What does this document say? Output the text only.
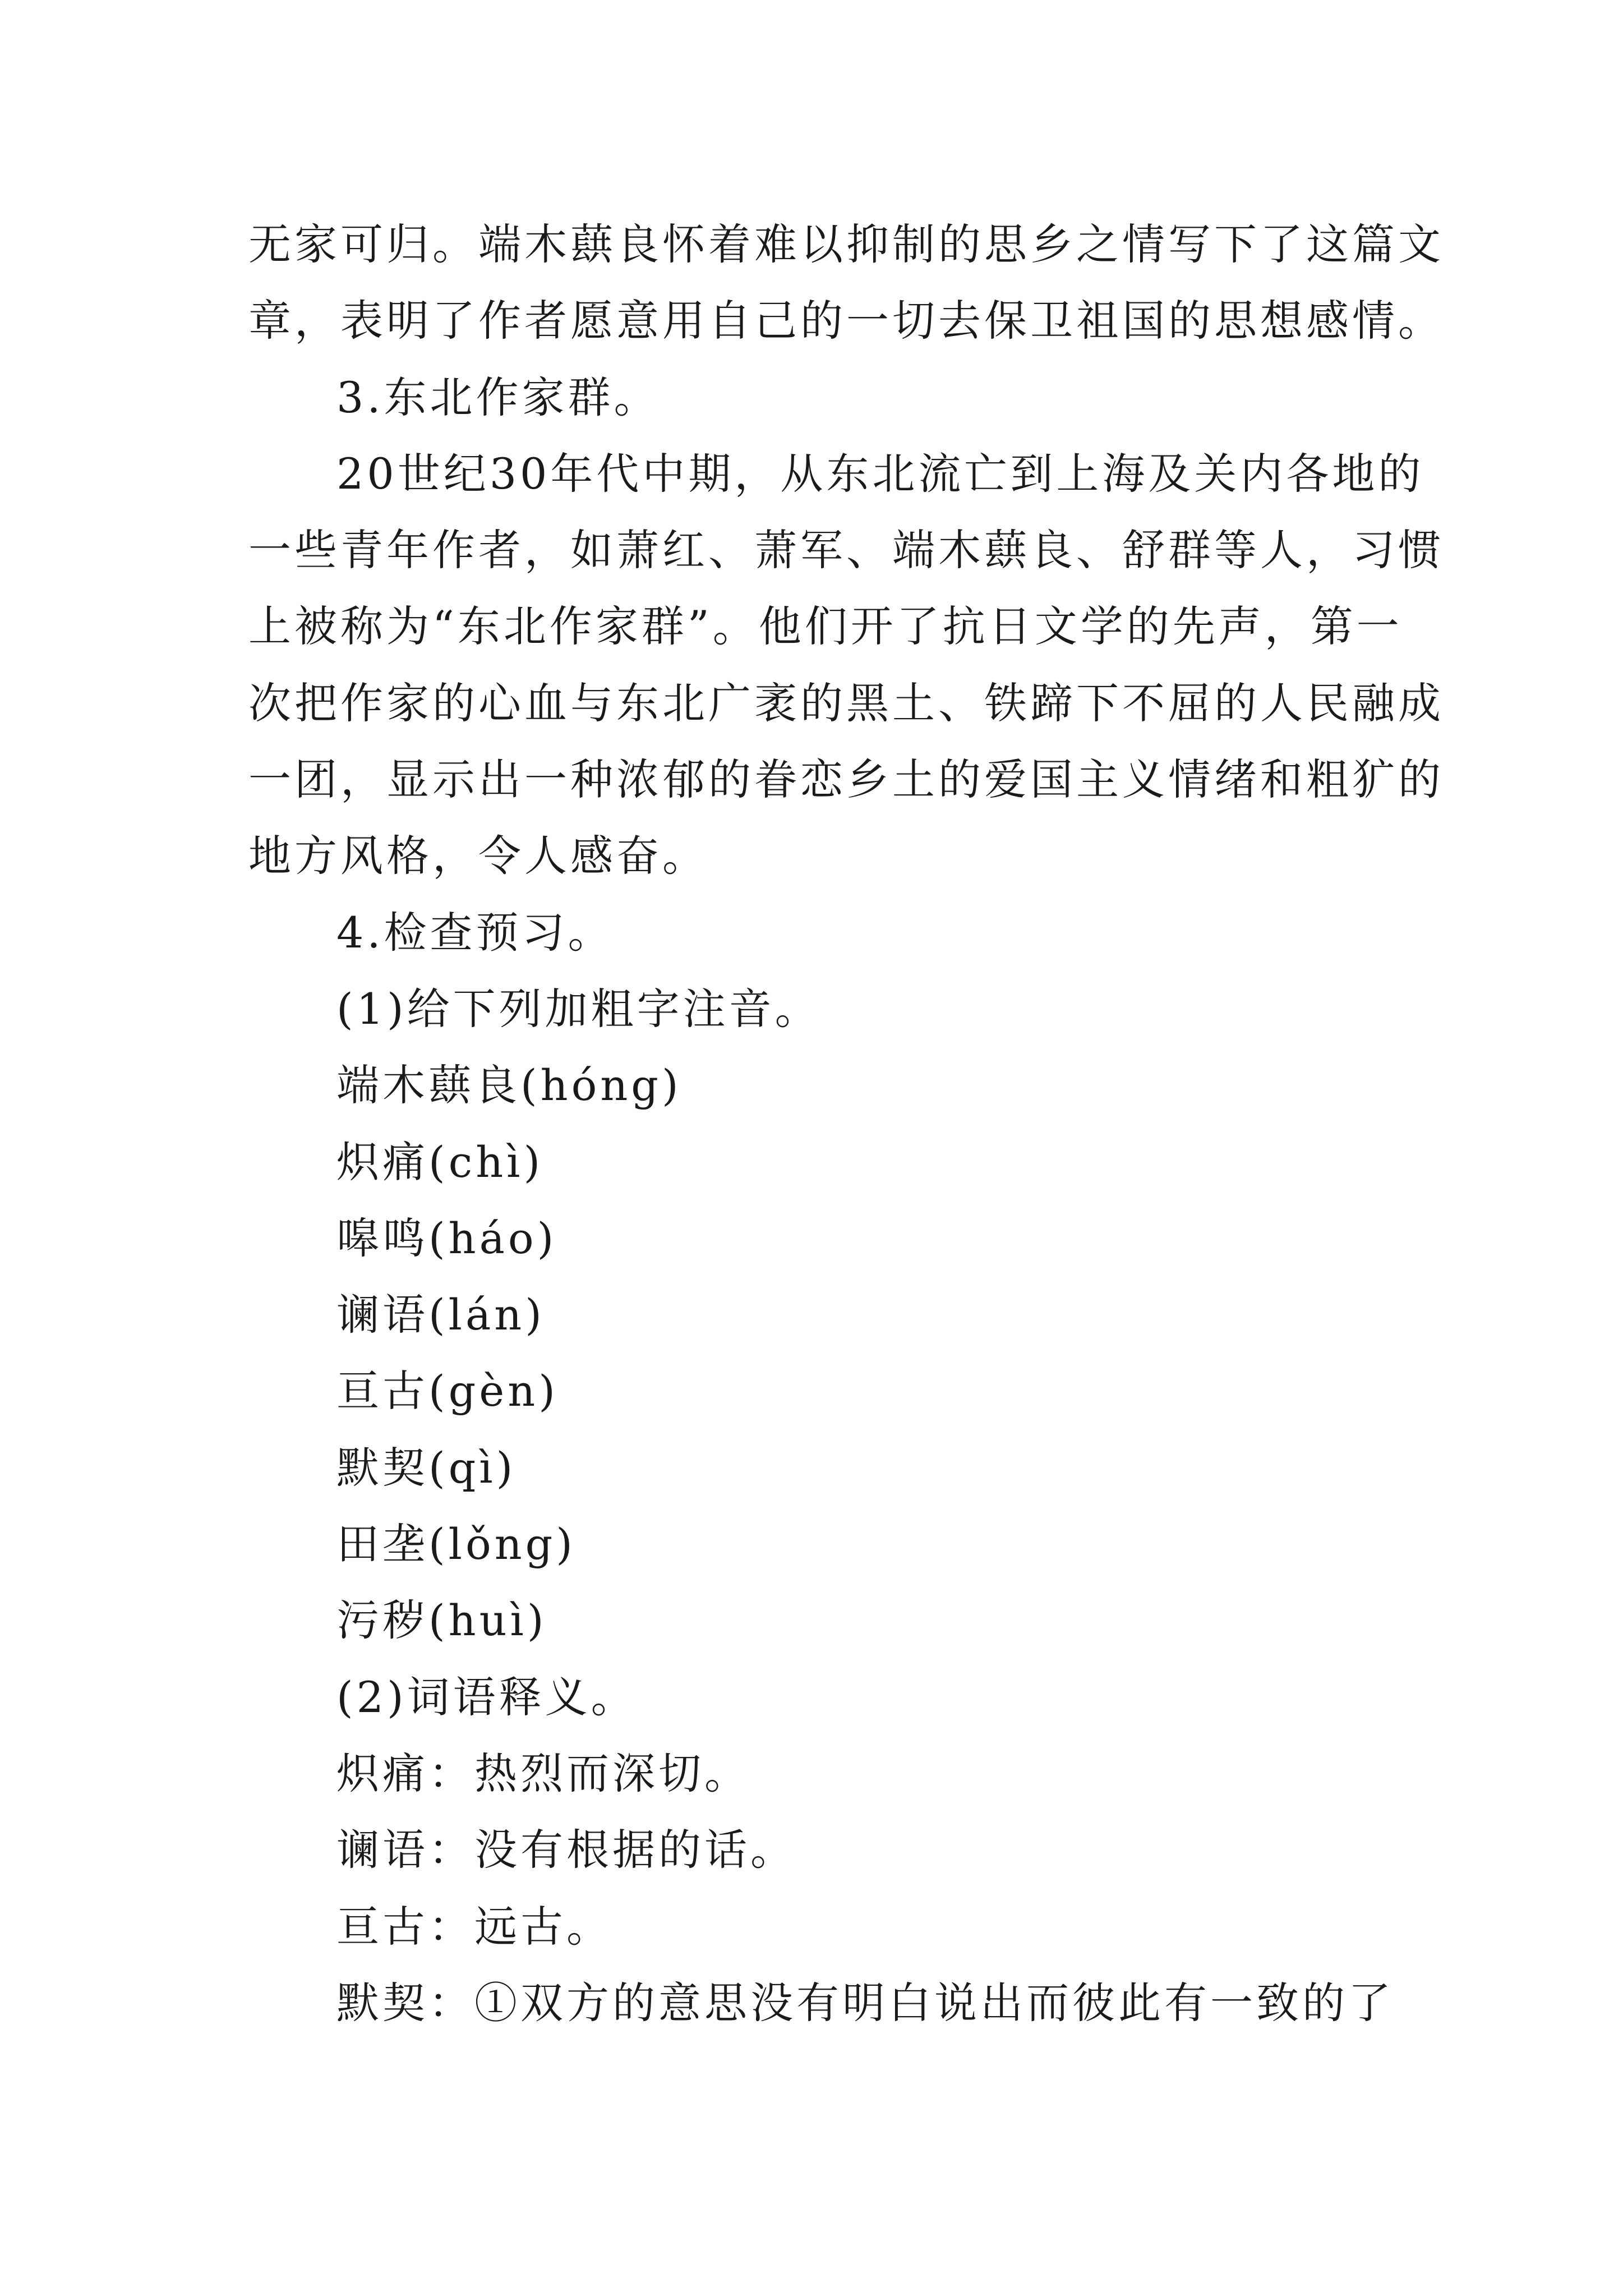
无家可归。端木蕻良怀着难以抑制的思乡之情写下了这篇文
章，表明了作者愿意用自己的一切去保卫祖国的思想感情。
3.东北作家群。
20世纪30年代中期，从东北流亡到上海及关内各地的
一些青年作者，如萧红、萧军、端木蕻良、舒群等人，习惯
上被称为“东北作家群”。他们开了抗日文学的先声，第一
次把作家的心血与东北广袤的黑土、铁蹄下不屈的人民融成
一团，显示出一种浓郁的眷恋乡土的爱国主义情绪和粗犷的
地方风格，令人感奋。
4.检查预习。
(1)给下列加粗字注音。
端木蕻良(hóng)
炽痛(chì)
嗥鸣(háo)
谰语(lán)
亘古(gèn)
默契(qì)
田垄(lǒng)
污秽(huì)
(2)词语释义。
炽痛：热烈而深切。
谰语：没有根据的话。
亘古：远古。
默契：①双方的意思没有明白说出而彼此有一致的了
